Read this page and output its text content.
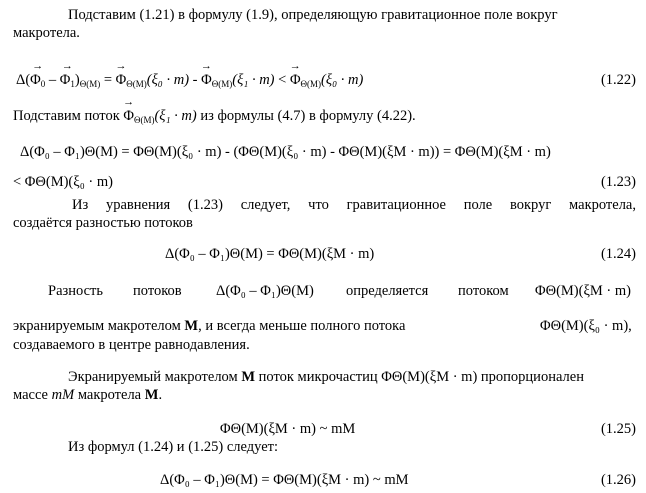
Подставим (1.21) в формулу (1.9), определяющую гравитационное поле вокруг
макротела.
$\Delta(\to \Phi_0$ – → $\Phi_1)_{\Theta(M)}$ = → $\Phi_{\Theta(M)}(\xi_0 \cdot m)$ - → $\Phi_{\Theta(M)}(\xi_1 \cdot m)$ < → $\Phi_{\Theta(M)}(\xi_0 \cdot m)$	(1.22)
Подставим поток → $\Phi_{\Theta(M)}(\xi_1 \cdot m)$ из формулы (4.7) в формулу (4.22).
Δ(Φ₀ – Φ₁)Θ(M) = ΦΘ(M)(ξ₀ · m) - (ΦΘ(M)(ξ₀ · m) - ΦΘ(M)(ξM · m)) = ΦΘ(M)(ξM · m)
< ΦΘ(M)(ξ₀ · m)	(1.23)
Из уравнения (1.23) следует, что гравитационное поле вокруг макротела,
создаётся разностью потоков
Δ(Φ₀ – Φ₁)Θ(M) = ΦΘ(M)(ξM · m)	(1.24)
Разность потоков Δ(Φ₀ – Φ₁)Θ(M) определяется потоком ΦΘ(M)(ξM · m)
экранируемым макротелом М, и всегда меньше полного потока	ΦΘ(M)(ξ₀ · m),
создаваемого в центре равнодавления.
Экранируемый макротелом М поток микрочастиц ΦΘ(M)(ξM · m) пропорционален
массе mM макротела М.
ΦΘ(M)(ξM · m) ~ mM	(1.25)
Из формул (1.24) и (1.25) следует:
Δ(Φ₀ – Φ₁)Θ(M) = ΦΘ(M)(ξM · m) ~ mM	(1.26)
